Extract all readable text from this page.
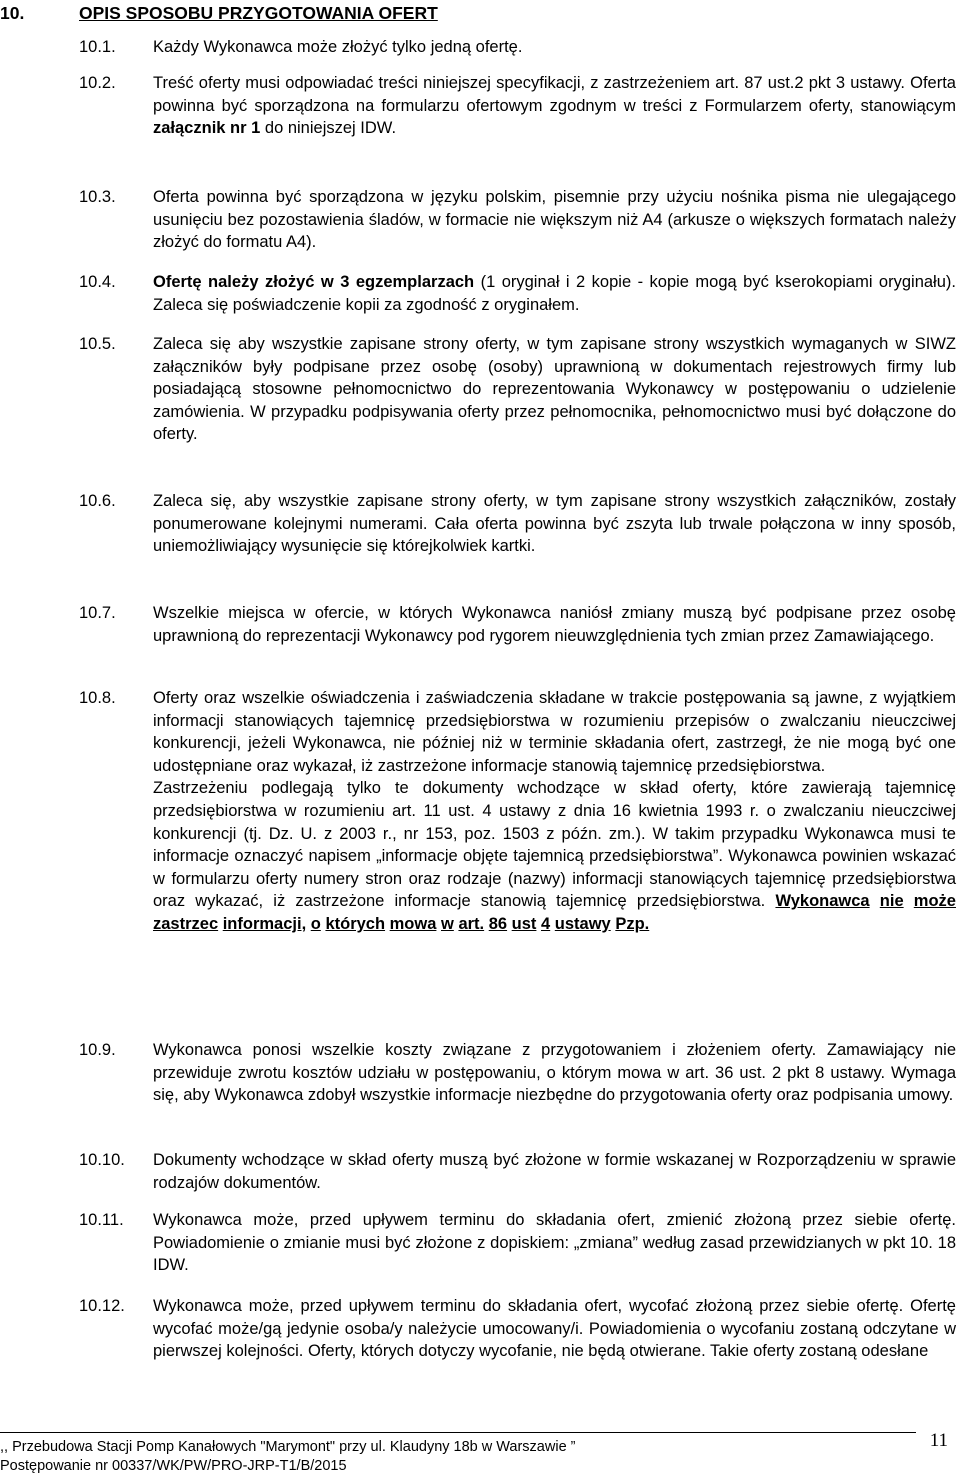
10.	OPIS SPOSOBU PRZYGOTOWANIA OFERT
10.1.	Każdy Wykonawca może złożyć tylko jedną ofertę.

10.2.	Treść oferty musi odpowiadać treści niniejszej specyfikacji, z zastrzeżeniem art. 87 ust.2 pkt 3 ustawy. Oferta powinna być sporządzona na formularzu ofertowym zgodnym w treści z Formularzem oferty, stanowiącym załącznik nr 1 do niniejszej IDW.

10.3.	Oferta powinna być sporządzona w języku polskim, pisemnie przy użyciu nośnika pisma nie ulegającego usunięciu bez pozostawienia śladów, w formacie nie większym niż A4 (arkusze o większych formatach należy złożyć do formatu A4).

10.4.	Ofertę należy złożyć w 3 egzemplarzach (1 oryginał i 2 kopie - kopie mogą być kserokopiami oryginału). Zaleca się poświadczenie kopii za zgodność z oryginałem.

10.5.	Zaleca się aby wszystkie zapisane strony oferty, w tym zapisane strony wszystkich wymaganych w SIWZ załączników były podpisane przez osobę (osoby) uprawnioną w dokumentach rejestrowych firmy lub posiadającą stosowne pełnomocnictwo do reprezentowania Wykonawcy w postępowaniu o udzielenie zamówienia. W przypadku podpisywania oferty przez pełnomocnika, pełnomocnictwo musi być dołączone do oferty.

10.6.	Zaleca się, aby wszystkie zapisane strony oferty, w tym zapisane strony wszystkich załączników, zostały ponumerowane kolejnymi numerami. Cała oferta powinna być zszyta lub trwale połączona w inny sposób, uniemożliwiający wysunięcie się którejkolwiek kartki.

10.7.	Wszelkie miejsca w ofercie, w których Wykonawca naniósł zmiany muszą być podpisane przez osobę uprawnioną do reprezentacji Wykonawcy pod rygorem nieuwzględnienia tych zmian przez Zamawiającego.

10.8.	Oferty oraz wszelkie oświadczenia i zaświadczenia składane w trakcie postępowania są jawne, z wyjątkiem informacji stanowiących tajemnicę przedsiębiorstwa w rozumieniu przepisów o zwalczaniu nieuczciwej konkurencji, jeżeli Wykonawca, nie później niż w terminie składania ofert, zastrzegł, że nie mogą być one udostępniane oraz wykazał, iż zastrzeżone informacje stanowią tajemnicę przedsiębiorstwa.

Zastrzeżeniu podlegają tylko te dokumenty wchodzące w skład oferty, które zawierają tajemnicę przedsiębiorstwa w rozumieniu art. 11 ust. 4 ustawy z dnia 16 kwietnia 1993 r. o zwalczaniu nieuczciwej konkurencji (tj. Dz. U. z 2003 r., nr 153, poz. 1503 z późn. zm.). W takim przypadku Wykonawca musi te informacje oznaczyć napisem „informacje objęte tajemnicą przedsiębiorstwa”. Wykonawca powinien wskazać w formularzu oferty numery stron oraz rodzaje (nazwy) informacji stanowiących tajemnicę przedsiębiorstwa oraz wykazać, iż zastrzeżone informacje stanowią tajemnicę przedsiębiorstwa. Wykonawca nie może zastrzec informacji, o których mowa w art. 86 ust 4 ustawy Pzp.

10.9.	Wykonawca ponosi wszelkie koszty związane z przygotowaniem i złożeniem oferty. Zamawiający nie przewiduje zwrotu kosztów udziału w postępowaniu, o którym mowa w art. 36 ust. 2 pkt 8 ustawy. Wymaga się, aby Wykonawca zdobył wszystkie informacje niezbędne do przygotowania oferty oraz podpisania umowy.

10.10.	Dokumenty wchodzące w skład oferty muszą być złożone w formie wskazanej w Rozporządzeniu w sprawie rodzajów dokumentów.

10.11.	Wykonawca może, przed upływem terminu do składania ofert, zmienić złożoną przez siebie ofertę. Powiadomienie o zmianie musi być złożone z dopiskiem: „zmiana” według zasad przewidzianych w pkt 10. 18 IDW.

10.12.	Wykonawca może, przed upływem terminu do składania ofert, wycofać złożoną przez siebie ofertę. Ofertę wycofać może/gą jedynie osoba/y należycie umocowany/i. Powiadomienia o wycofaniu zostaną odczytane w pierwszej kolejności. Oferty, których dotyczy wycofanie, nie będą otwierane. Takie oferty zostaną odesłane

,, Przebudowa Stacji Pomp Kanałowych "Marymont" przy ul. Klaudyny 18b w Warszawie ”
Postępowanie nr 00337/WK/PW/PRO-JRP-T1/B/2015
11
